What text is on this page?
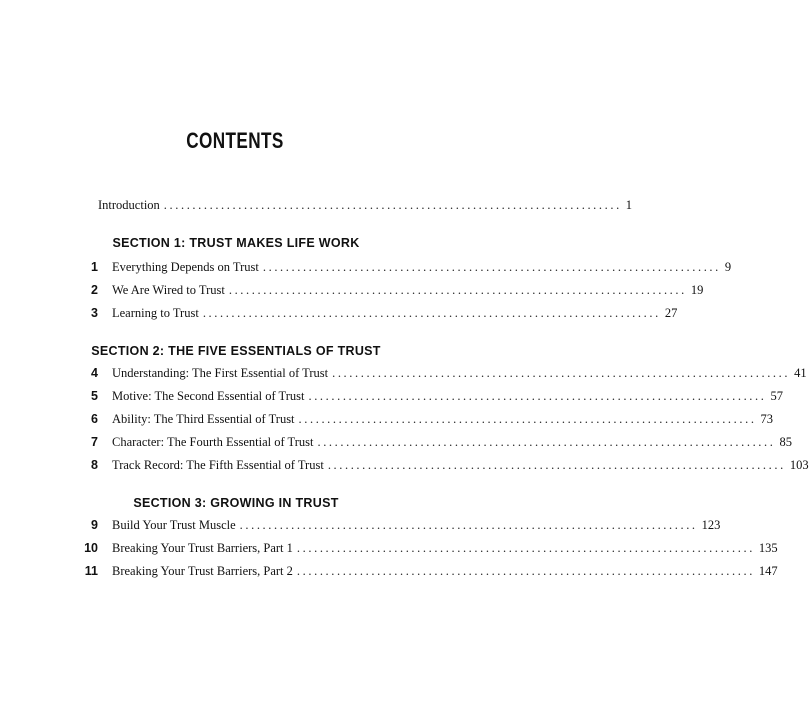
CONTENTS
Introduction ................................................................................ 1
SECTION 1: TRUST MAKES LIFE WORK
1 Everything Depends on Trust ................................................................................ 9
2 We Are Wired to Trust ................................................................................ 19
3 Learning to Trust ................................................................................ 27
SECTION 2: THE FIVE ESSENTIALS OF TRUST
4 Understanding: The First Essential of Trust ................................................................................ 41
5 Motive: The Second Essential of Trust ................................................................................ 57
6 Ability: The Third Essential of Trust ................................................................................ 73
7 Character: The Fourth Essential of Trust ................................................................................ 85
8 Track Record: The Fifth Essential of Trust ................................................................................ 103
SECTION 3: GROWING IN TRUST
9 Build Your Trust Muscle ................................................................................ 123
10 Breaking Your Trust Barriers, Part 1 ................................................................................ 135
11 Breaking Your Trust Barriers, Part 2 ................................................................................ 147
